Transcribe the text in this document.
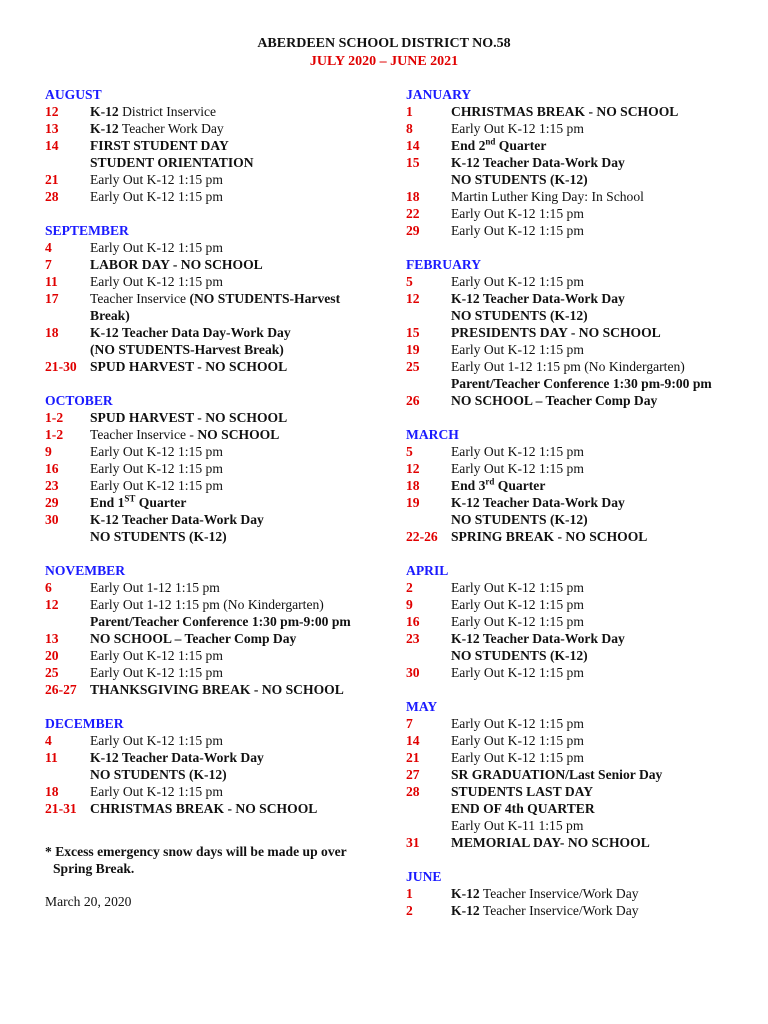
ABERDEEN SCHOOL DISTRICT NO.58
JULY 2020 – JUNE 2021
AUGUST
12	K-12 District Inservice
13	K-12 Teacher Work Day
14	FIRST STUDENT DAY
STUDENT ORIENTATION
21	Early Out K-12 1:15 pm
28	Early Out K-12 1:15 pm
SEPTEMBER
4	Early Out K-12 1:15 pm
7	LABOR DAY - NO SCHOOL
11	Early Out K-12 1:15 pm
17	Teacher Inservice (NO STUDENTS-Harvest
Break)
18	K-12 Teacher Data Day-Work Day
(NO STUDENTS-Harvest Break)
21-30 SPUD HARVEST - NO SCHOOL
OCTOBER
1-2	SPUD HARVEST - NO SCHOOL
1-2	Teacher Inservice - NO SCHOOL
9	Early Out K-12 1:15 pm
16	Early Out K-12 1:15 pm
23	Early Out K-12 1:15 pm
29	End 1ST Quarter
30	K-12 Teacher Data-Work Day
NO STUDENTS (K-12)
NOVEMBER
6	Early Out 1-12 1:15 pm
12	Early Out 1-12 1:15 pm (No Kindergarten)
Parent/Teacher Conference 1:30 pm-9:00 pm
13	NO SCHOOL – Teacher Comp Day
20	Early Out K-12 1:15 pm
25	Early Out K-12 1:15 pm
26-27 THANKSGIVING BREAK - NO SCHOOL
DECEMBER
4	Early Out K-12 1:15 pm
11	K-12 Teacher Data-Work Day
NO STUDENTS (K-12)
18	Early Out K-12 1:15 pm
21-31 CHRISTMAS BREAK - NO SCHOOL
* Excess emergency snow days will be made up over
Spring Break.
March 20, 2020
JANUARY
1	CHRISTMAS BREAK - NO SCHOOL
8	Early Out K-12 1:15 pm
14	End 2nd Quarter
15	K-12 Teacher Data-Work Day
NO STUDENTS (K-12)
18	Martin Luther King Day: In School
22	Early Out K-12 1:15 pm
29	Early Out K-12 1:15 pm
FEBRUARY
5	Early Out K-12 1:15 pm
12	K-12 Teacher Data-Work Day
NO STUDENTS (K-12)
15	PRESIDENTS DAY - NO SCHOOL
19	Early Out K-12 1:15 pm
25	Early Out 1-12 1:15 pm (No Kindergarten)
Parent/Teacher Conference 1:30 pm-9:00 pm
26	NO SCHOOL – Teacher Comp Day
MARCH
5	Early Out K-12 1:15 pm
12	Early Out K-12 1:15 pm
18	End 3rd Quarter
19	K-12 Teacher Data-Work Day
NO STUDENTS (K-12)
22-26 SPRING BREAK - NO SCHOOL
APRIL
2	Early Out K-12 1:15 pm
9	Early Out K-12 1:15 pm
16	Early Out K-12 1:15 pm
23	K-12 Teacher Data-Work Day
NO STUDENTS (K-12)
30	Early Out K-12 1:15 pm
MAY
7	Early Out K-12 1:15 pm
14	Early Out K-12 1:15 pm
21	Early Out K-12 1:15 pm
27	SR GRADUATION/Last Senior Day
28	STUDENTS LAST DAY
END OF 4th QUARTER
Early Out K-11 1:15 pm
31	MEMORIAL DAY- NO SCHOOL
JUNE
1	K-12 Teacher Inservice/Work Day
2	K-12 Teacher Inservice/Work Day
